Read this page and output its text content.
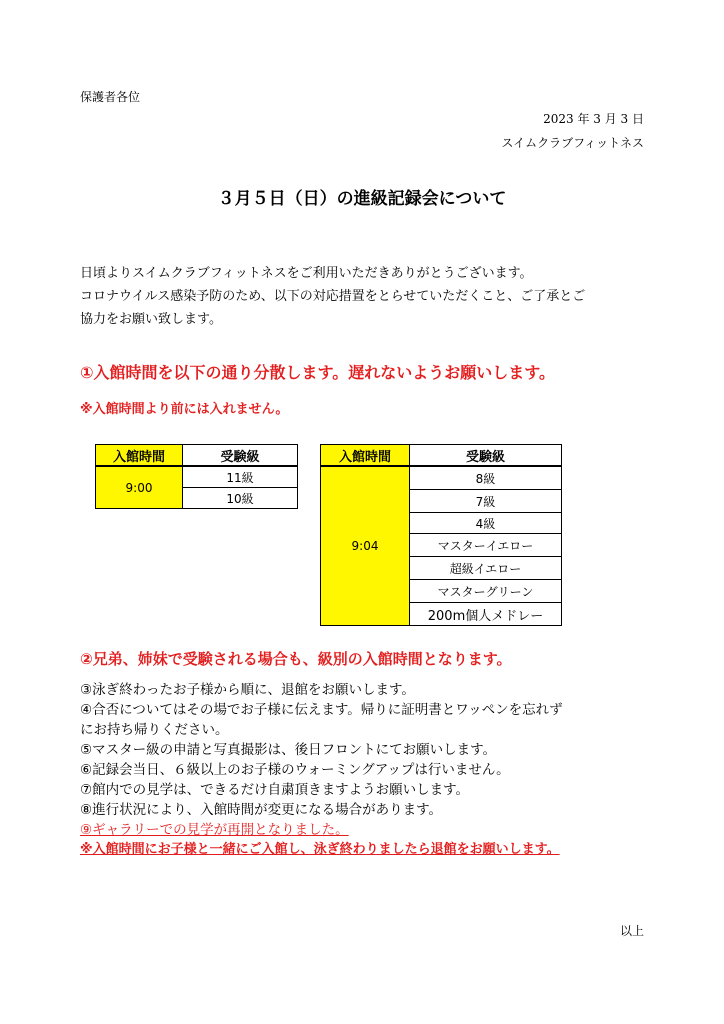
保護者各位
2023 年 3 月 3 日
スイムクラブフィットネス
３月５日（日）の進級記録会について
日頃よりスイムクラブフィットネスをご利用いただきありがとうございます。
コロナウイルス感染予防のため、以下の対応措置をとらせていただくこと、ご了承とご
協力をお願い致します。
①入館時間を以下の通り分散します。遅れないようお願いします。
※入館時間より前には入れません。
入館時間	受験級
9:00	11級
	10級
入館時間	受験級
9:04	8級
	7級
	4級
	マスターイエロー
	超級イエロー
	マスターグリーン
	200m個人メドレー
②兄弟、姉妹で受験される場合も、級別の入館時間となります。
③泳ぎ終わったお子様から順に、退館をお願いします。
④合否についてはその場でお子様に伝えます。帰りに証明書とワッペンを忘れず
にお持ち帰りください。
⑤マスター級の申請と写真撮影は、後日フロントにてお願いします。
⑥記録会当日、６級以上のお子様のウォーミングアップは行いません。
⑦館内での見学は、できるだけ自粛頂きますようお願いします。
⑧進行状況により、入館時間が変更になる場合があります。
⑨ギャラリーでの見学が再開となりました。
※入館時間にお子様と一緒にご入館し、泳ぎ終わりましたら退館をお願いします。
以上
